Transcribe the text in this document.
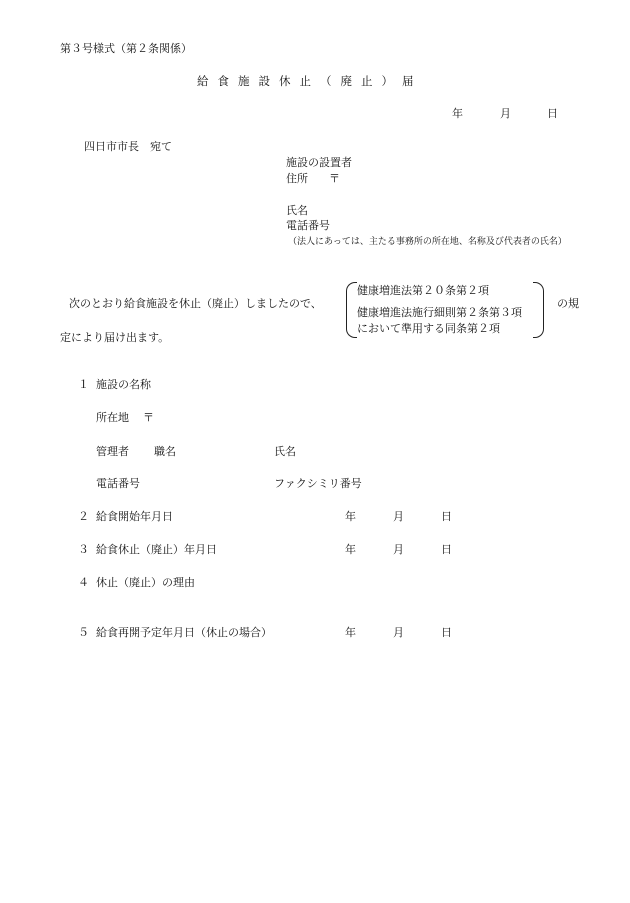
第３号様式（第２条関係）
給食施設休止（廃止）届
年	月	日
四日市市長　宛て
施設の設置者
住所 〒
氏名
電話番号
（法人にあっては、主たる事務所の所在地、名称及び代表者の氏名）
次のとおり給食施設を休止（廃止）しましたので、
健康増進法第２０条第２項
健康増進法施行細則第２条第３項
において準用する同条第２項
の規
定により届け出ます。
１ 施設の名称
所在地 〒
管理者 職名	氏名
電話番号	ファクシミリ番号
２ 給食開始年月日	年	月	日
３ 給食休止（廃止）年月日	年	月	日
４ 休止（廃止）の理由
５ 給食再開予定年月日（休止の場合）	年	月	日
